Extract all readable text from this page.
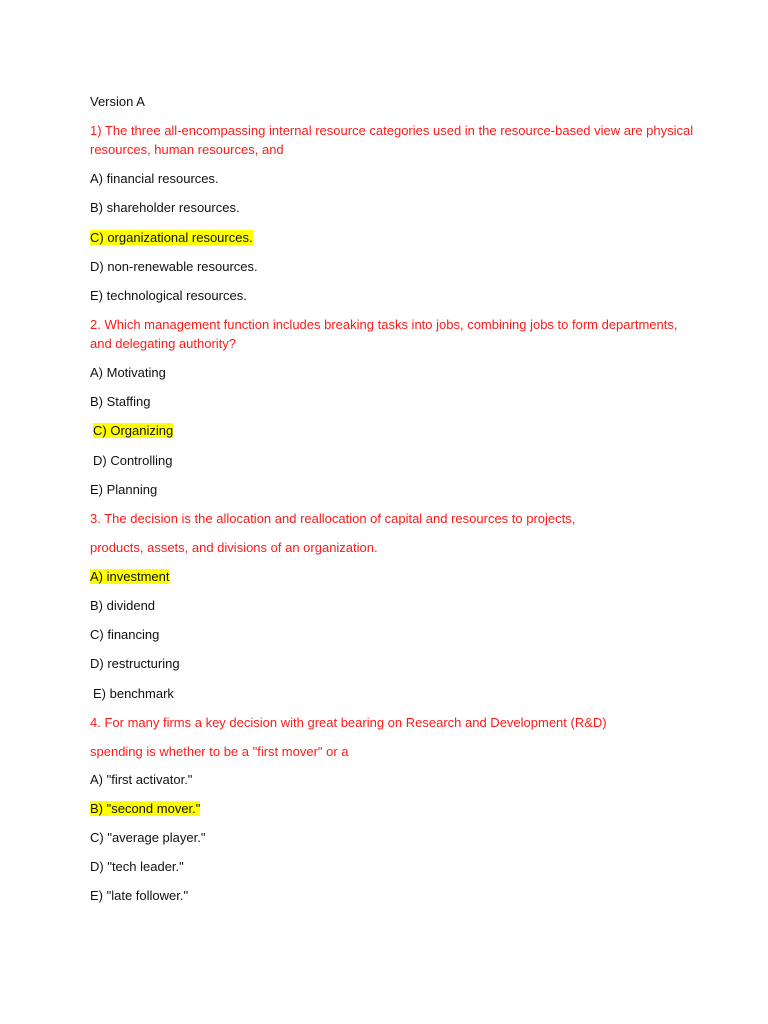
Version A
1) The three all-encompassing internal resource categories used in the resource-based view are physical
resources, human resources, and
A) financial resources.
B) shareholder resources.
C) organizational resources.
D) non-renewable resources.
E) technological resources.
2. Which management function includes breaking tasks into jobs, combining jobs to form departments,
and delegating authority?
A) Motivating
B) Staffing
C) Organizing
D) Controlling
E) Planning
3. The decision is the allocation and reallocation of capital and resources to projects,
products, assets, and divisions of an organization.
A) investment
B) dividend
C) financing
D) restructuring
E) benchmark
4. For many firms a key decision with great bearing on Research and Development (R&D)
spending is whether to be a "first mover" or a
A) "first activator."
B) "second mover."
C) "average player."
D) "tech leader."
E) "late follower."
